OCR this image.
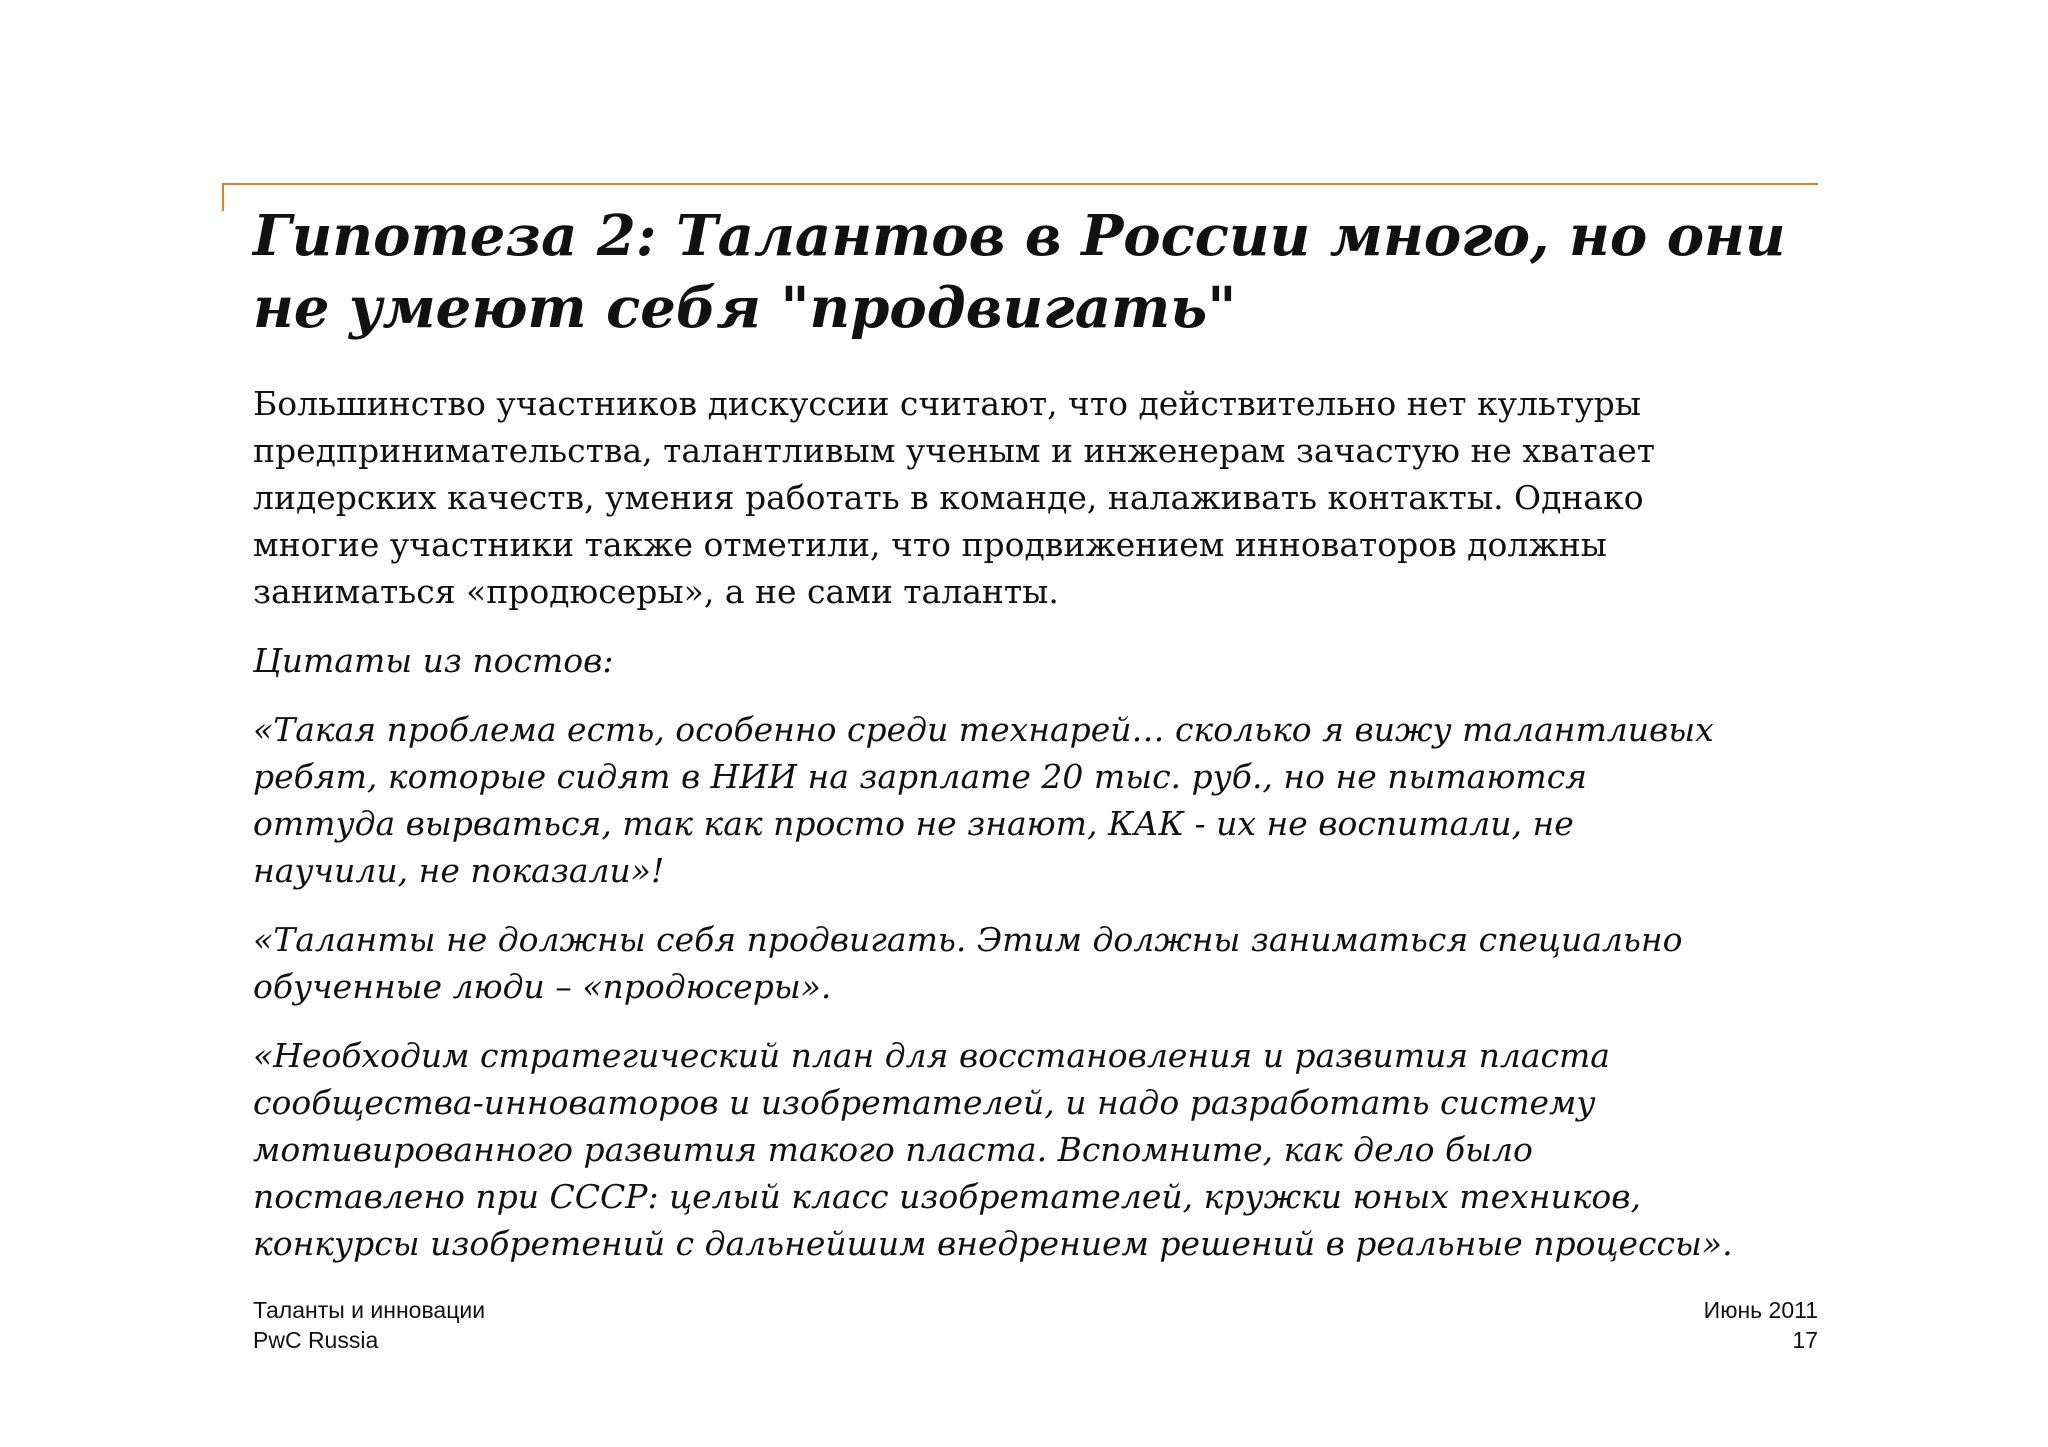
Гипотеза 2: Талантов в России много, но они
не умеют себя "продвигать"

Большинство участников дискуссии считают, что действительно нет культуры
предпринимательства, талантливым ученым и инженерам зачастую не хватает
лидерских качеств, умения работать в команде, налаживать контакты. Однако
многие участники также отметили, что продвижением инноваторов должны
заниматься «продюсеры», а не сами таланты.

Цитаты из постов:

«Такая проблема есть, особенно среди технарей… сколько я вижу талантливых
ребят, которые сидят в НИИ на зарплате 20 тыс. руб., но не пытаются
оттуда вырваться, так как просто не знают, КАК - их не воспитали, не
научили, не показали»!

«Таланты не должны себя продвигать. Этим должны заниматься специально
обученные люди – «продюсеры».

«Необходим стратегический план для восстановления и развития пласта
сообщества-инноваторов и изобретателей, и надо разработать систему
мотивированного развития такого пласта. Вспомните, как дело было
поставлено при СССР: целый класс изобретателей, кружки юных техников,
конкурсы изобретений с дальнейшим внедрением решений в реальные процессы».

Таланты и инновации
PwC Russia
Июнь 2011
17
